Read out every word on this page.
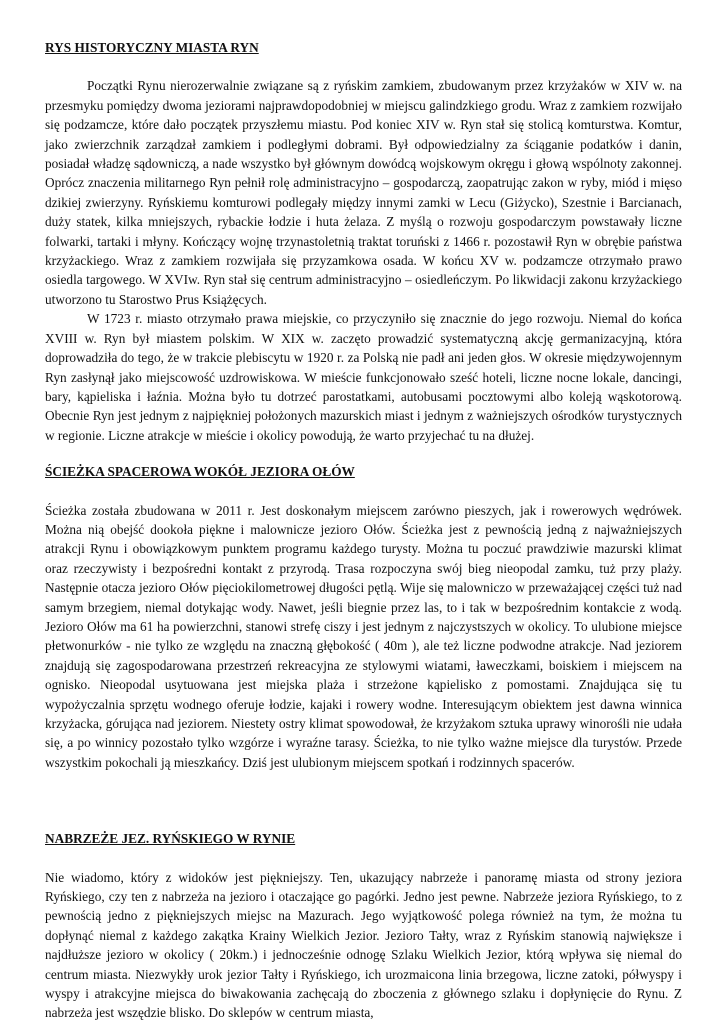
RYS HISTORYCZNY MIASTA RYN

Początki Rynu nierozerwalnie związane są z ryńskim zamkiem, zbudowanym przez krzyżaków w XIV w. na przesmyku pomiędzy dwoma jeziorami najprawdopodobniej w miejscu galindzkiego grodu. Wraz z zamkiem rozwijało się podzamcze, które dało początek przyszłemu miastu. Pod koniec XIV w. Ryn stał się stolicą komturstwa. Komtur, jako zwierzchnik zarządzał zamkiem i podległymi dobrami. Był odpowiedzialny za ściąganie podatków i danin, posiadał władzę sądowniczą, a nade wszystko był głównym dowódcą wojskowym okręgu i głową wspólnoty zakonnej. Oprócz znaczenia militarnego Ryn pełnił rolę administracyjno – gospodarczą, zaopatrując zakon w ryby, miód i mięso dzikiej zwierzyny. Ryńskiemu komturowi podlegały między innymi zamki w Lecu (Giżycko), Szestnie i Barcianach, duży statek, kilka mniejszych, rybackie łodzie i huta żelaza. Z myślą o rozwoju gospodarczym powstawały liczne folwarki, tartaki i młyny. Kończący wojnę trzynastoletnią traktat toruński z 1466 r. pozostawił Ryn w obrębie państwa krzyżackiego. Wraz z zamkiem rozwijała się przyzamkowa osada. W końcu XV w. podzamcze otrzymało prawo osiedla targowego. W XVIw. Ryn stał się centrum administracyjno – osiedleńczym. Po likwidacji zakonu krzyżackiego utworzono tu Starostwo Prus Książęcych.

W 1723 r. miasto otrzymało prawa miejskie, co przyczyniło się znacznie do jego rozwoju. Niemal do końca XVIII w. Ryn był miastem polskim. W XIX w. zaczęto prowadzić systematyczną akcję germanizacyjną, która doprowadziła do tego, że w trakcie plebiscytu w 1920 r. za Polską nie padł ani jeden głos. W okresie międzywojennym Ryn zasłynął jako miejscowość uzdrowiskowa. W mieście funkcjonowało sześć hoteli, liczne nocne lokale, dancingi, bary, kąpieliska i łaźnia. Można było tu dotrzeć parostatkami, autobusami pocztowymi albo koleją wąskotorową. Obecnie Ryn jest jednym z najpiękniej położonych mazurskich miast i jednym z ważniejszych ośrodków turystycznych w regionie. Liczne atrakcje w mieście i okolicy powodują, że warto przyjechać tu na dłużej.

ŚCIEŻKA SPACEROWA WOKÓŁ JEZIORA OŁÓW

Ścieżka została zbudowana w 2011 r. Jest doskonałym miejscem zarówno pieszych, jak i rowerowych wędrówek. Można nią obejść dookoła piękne i malownicze jezioro Ołów. Ścieżka jest z pewnością jedną z najważniejszych atrakcji Rynu i obowiązkowym punktem programu każdego turysty. Można tu poczuć prawdziwie mazurski klimat oraz rzeczywisty i bezpośredni kontakt z przyrodą. Trasa rozpoczyna swój bieg nieopodal zamku, tuż przy plaży. Następnie otacza jezioro Ołów pięciokilometrowej długości pętlą. Wije się malowniczo w przeważającej części tuż nad samym brzegiem, niemal dotykając wody. Nawet, jeśli biegnie przez las, to i tak w bezpośrednim kontakcie z wodą. Jezioro Ołów ma 61 ha powierzchni, stanowi strefę ciszy i jest jednym z najczystszych w okolicy. To ulubione miejsce płetwonurków - nie tylko ze względu na znaczną głębokość ( 40m ), ale też liczne podwodne atrakcje. Nad jeziorem znajdują się zagospodarowana przestrzeń rekreacyjna ze stylowymi wiatami, ławeczkami, boiskiem i miejscem na ognisko. Nieopodal usytuowana jest miejska plaża i strzeżone kąpielisko z pomostami. Znajdująca się tu wypożyczalnia sprzętu wodnego oferuje łodzie, kajaki i rowery wodne. Interesującym obiektem jest dawna winnica krzyżacka, górująca nad jeziorem. Niestety ostry klimat spowodował, że krzyżakom sztuka uprawy winorośli nie udała się, a po winnicy pozostało tylko wzgórze i wyraźne tarasy. Ścieżka, to nie tylko ważne miejsce dla turystów. Przede wszystkim pokochali ją mieszkańcy. Dziś jest ulubionym miejscem spotkań i rodzinnych spacerów.

NABRZEŻE JEZ. RYŃSKIEGO W RYNIE

Nie wiadomo, który z widoków jest piękniejszy. Ten, ukazujący nabrzeże i panoramę miasta od strony jeziora Ryńskiego, czy ten z nabrzeża na jezioro i otaczające go pagórki. Jedno jest pewne. Nabrzeże jeziora Ryńskiego, to z pewnością jedno z piękniejszych miejsc na Mazurach. Jego wyjątkowość polega również na tym, że można tu dopłynąć niemal z każdego zakątka Krainy Wielkich Jezior. Jezioro Tałty, wraz z Ryńskim stanowią największe i najdłuższe jezioro w okolicy ( 20km.) i jednocześnie odnogę Szlaku Wielkich Jezior, którą wpływa się niemal do centrum miasta. Niezwykły urok jezior Tałty i Ryńskiego, ich urozmaicona linia brzegowa, liczne zatoki, półwyspy i wyspy i atrakcyjne miejsca do biwakowania zachęcają do zboczenia z głównego szlaku i dopłynięcie do Rynu. Z nabrzeża jest wszędzie blisko. Do sklepów w centrum miasta,
